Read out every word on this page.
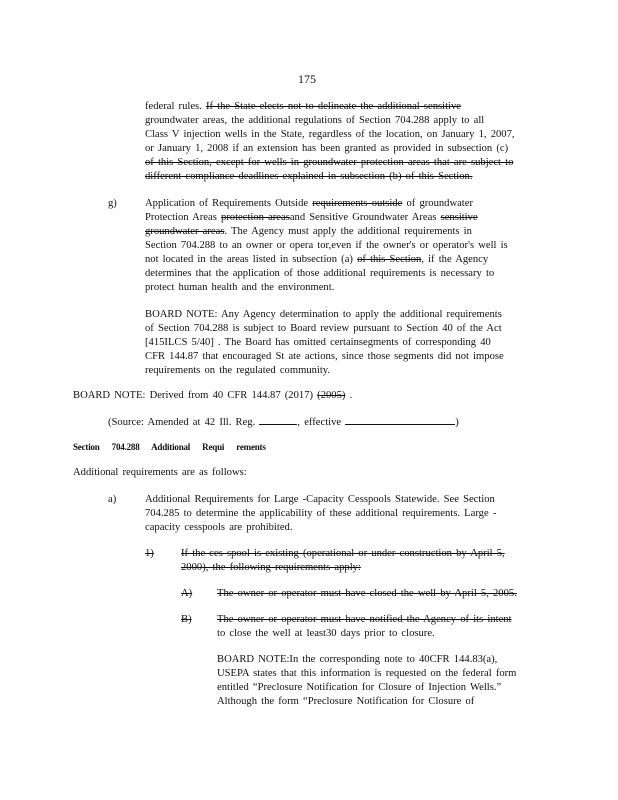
175
federal rules. If the State elects not to delineate the additional sensitive
groundwater areas, the additional regulations of Section 704.288 apply to all
Class V injection wells in the State, regardless of the location, on January 1, 2007,
or January 1, 2008 if an extension has been granted as provided in subsection (c)
of this Section, except for wells in groundwater protection areas that are subject to
different compliance deadlines explained in subsection (b) of this Section.
g)	Application of Requirements Outside requirements outside of groundwater
Protection Areas protection areasand Sensitive Groundwater Areas sensitive
groundwater areas. The Agency must apply the additional requirements in
Section 704.288 to an owner or opera tor,even if the owner's or operator's well is
not located in the areas listed in subsection (a) of this Section, if the Agency
determines that the application of those additional requirements is necessary to
protect human health and the environment.
BOARD NOTE: Any Agency determination to apply the additional requirements
of Section 704.288 is subject to Board review pursuant to Section 40 of the Act
[415ILCS 5/40] . The Board has omitted certainsegments of corresponding 40
CFR 144.87 that encouraged St ate actions, since those segments did not impose
requirements on the regulated community.
BOARD NOTE: Derived from 40 CFR 144.87 (2017) (2005) .
(Source: Amended at 42 Ill. Reg.	, effective	)
Section 704.288 Additional Requi rements
Additional requirements are as follows:
a)	Additional Requirements for Large -Capacity Cesspools Statewide. See Section
704.285 to determine the applicability of these additional requirements. Large -
capacity cesspools are prohibited.
1)	If the ces spool is existing (operational or under construction by April 5,
2000), the following requirements apply:
A) The owner or operator must have closed the well by April 5, 2005.
B) The owner or operator must have notified the Agency of its intent
to close the well at least30 days prior to closure.
BOARD NOTE:In the corresponding note to 40CFR 144.83(a),
USEPA states that this information is requested on the federal form
entitled “Preclosure Notification for Closure of Injection Wells.”
Although the form “Preclosure Notification for Closure of
